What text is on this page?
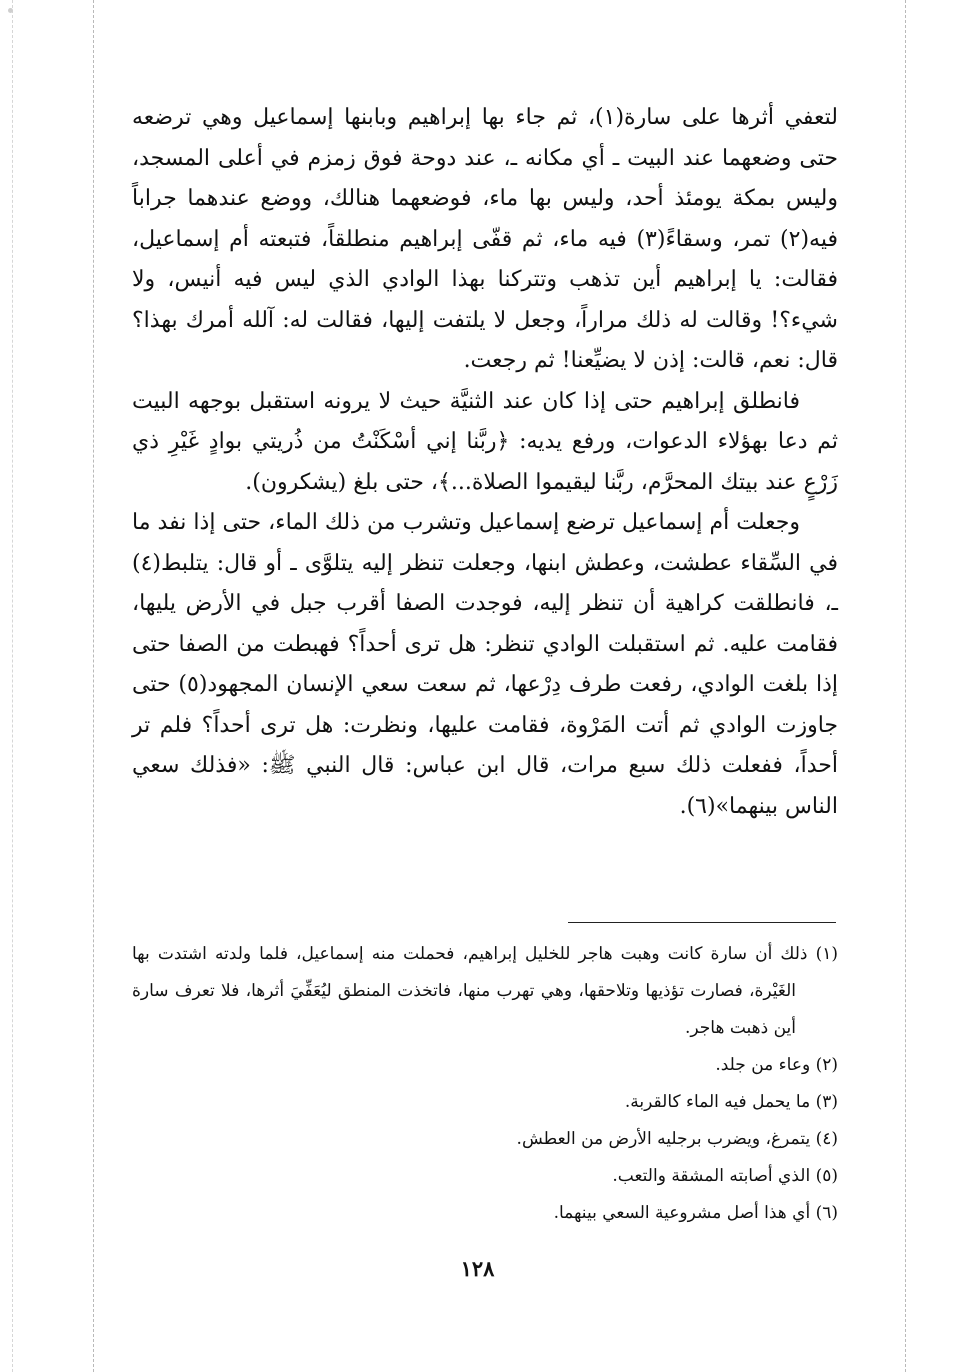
لتعفي أثرها على سارة(١)، ثم جاء بها إبراهيم وبابنها إسماعيل وهي ترضعه حتى وضعهما عند البيت ـ أي مكانه ـ، عند دوحة فوق زمزم في أعلى المسجد، وليس بمكة يومئذ أحد، وليس بها ماء، فوضعهما هنالك، ووضع عندهما جراباً فيه(٢) تمر، وسقاءً(٣) فيه ماء، ثم قفّى إبراهيم منطلقاً، فتبعته أم إسماعيل، فقالت: يا إبراهيم أين تذهب وتتركنا بهذا الوادي الذي ليس فيه أنيس، ولا شيء؟! وقالت له ذلك مراراً، وجعل لا يلتفت إليها، فقالت له: آلله أمرك بهذا؟ قال: نعم، قالت: إذن لا يضيِّعنا! ثم رجعت.

فانطلق إبراهيم حتى إذا كان عند الثنيَّة حيث لا يرونه استقبل بوجهه البيت ثم دعا بهؤلاء الدعوات، ورفع يديه: ﴿ربَّنا إني أسْكَنْتُ من ذُريتي بوادٍ غَيْرِ ذي زَرْعٍ عند بيتك المحرَّم، ربَّنا ليقيموا الصلاة...﴾، حتى بلغ (يشكرون).

وجعلت أم إسماعيل ترضع إسماعيل وتشرب من ذلك الماء، حتى إذا نفد ما في السِّقاء عطشت، وعطش ابنها، وجعلت تنظر إليه يتلوَّى ـ أو قال: يتلبط(٤) ـ، فانطلقت كراهية أن تنظر إليه، فوجدت الصفا أقرب جبل في الأرض يليها، فقامت عليه. ثم استقبلت الوادي تنظر: هل ترى أحداً؟ فهبطت من الصفا حتى إذا بلغت الوادي، رفعت طرف دِرْعها، ثم سعت سعي الإنسان المجهود(٥) حتى جاوزت الوادي ثم أتت المَرْوة، فقامت عليها، ونظرت: هل ترى أحداً؟ فلم تر أحداً، ففعلت ذلك سبع مرات، قال ابن عباس: قال النبي ﷺ: «فذلك سعي الناس بينهما»(٦).

(١) ذلك أن سارة كانت وهبت هاجر للخليل إبراهيم، فحملت منه إسماعيل، فلما ولدته اشتدت بها الغَيْرة، فصارت تؤذيها وتلاحقها، وهي تهرب منها، فاتخذت المنطق ليُعَفِّيَ أثرها، فلا تعرف سارة أين ذهبت هاجر.
(٢) وعاء من جلد.
(٣) ما يحمل فيه الماء كالقربة.
(٤) يتمرغ، ويضرب برجليه الأرض من العطش.
(٥) الذي أصابته المشقة والتعب.
(٦) أي هذا أصل مشروعية السعي بينهما.
١٢٨
